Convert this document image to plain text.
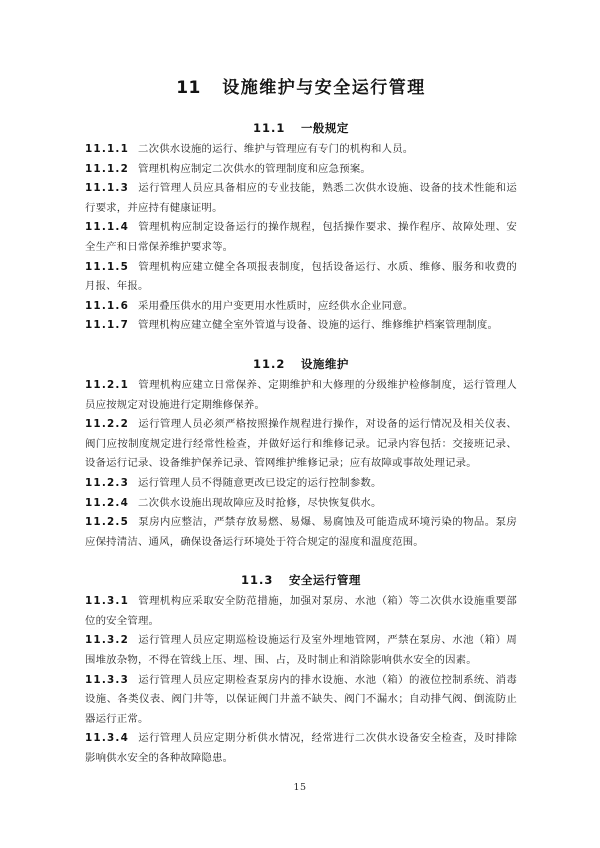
11 设施维护与安全运行管理
11.1 一般规定

11.1.1 二次供水设施的运行、维护与管理应有专门的机构和人员。

11.1.2 管理机构应制定二次供水的管理制度和应急预案。

11.1.3 运行管理人员应具备相应的专业技能，熟悉二次供水设施、设备的技术性能和运行要求，并应持有健康证明。

11.1.4 管理机构应制定设备运行的操作规程，包括操作要求、操作程序、故障处理、安全生产和日常保养维护要求等。

11.1.5 管理机构应建立健全各项报表制度，包括设备运行、水质、维修、服务和收费的月报、年报。

11.1.6 采用叠压供水的用户变更用水性质时，应经供水企业同意。

11.1.7 管理机构应建立健全室外管道与设备、设施的运行、维修维护档案管理制度。

11.2 设施维护

11.2.1 管理机构应建立日常保养、定期维护和大修理的分级维护检修制度，运行管理人员应按规定对设施进行定期维修保养。

11.2.2 运行管理人员必须严格按照操作规程进行操作，对设备的运行情况及相关仪表、阀门应按制度规定进行经常性检查，并做好运行和维修记录。记录内容包括：交接班记录、设备运行记录、设备维护保养记录、管网维护维修记录；应有故障或事故处理记录。

11.2.3 运行管理人员不得随意更改已设定的运行控制参数。

11.2.4 二次供水设施出现故障应及时抢修，尽快恢复供水。

11.2.5 泵房内应整洁，严禁存放易燃、易爆、易腐蚀及可能造成环境污染的物品。泵房应保持清洁、通风，确保设备运行环境处于符合规定的湿度和温度范围。

11.3 安全运行管理

11.3.1 管理机构应采取安全防范措施，加强对泵房、水池（箱）等二次供水设施重要部位的安全管理。

11.3.2 运行管理人员应定期巡检设施运行及室外埋地管网，严禁在泵房、水池（箱）周围堆放杂物，不得在管线上压、埋、围、占，及时制止和消除影响供水安全的因素。

11.3.3 运行管理人员应定期检查泵房内的排水设施、水池（箱）的液位控制系统、消毒设施、各类仪表、阀门井等，以保证阀门井盖不缺失、阀门不漏水；自动排气阀、倒流防止器运行正常。

11.3.4 运行管理人员应定期分析供水情况，经常进行二次供水设备安全检查，及时排除影响供水安全的各种故障隐患。

15
